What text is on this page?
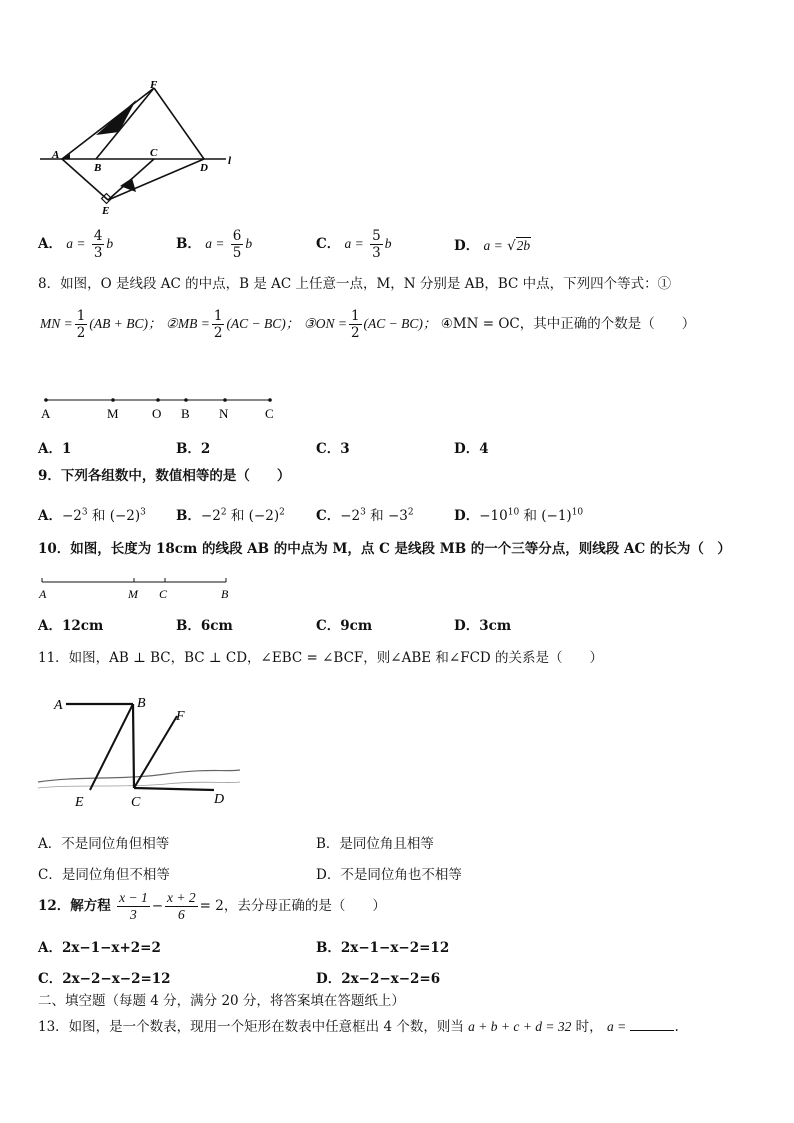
F
A
B
C
D
l
E
A． $a = \frac{4}{3}$ b	B． $a = \frac{6}{5}$ b	C． $a = \frac{5}{3}$ b	D． a = √2b
8．如图，O 是线段 AC 的中点，B 是 AC 上任意一点，M，N 分别是 AB，BC 中点，下列四个等式：①
MN = $\frac{1}{2} (AB + BC)$； ②MB = $\frac{1}{2} (AC - BC)$； ③ON = $\frac{1}{2} (AC - BC)$； ④MN = OC，其中正确的个数是（　　）
A	M	O B N	C
A．1	B．2	C．3	D．4
9．下列各组数中，数值相等的是（　　）
A．$-2^3$ 和 $(-2)^3$ B．$-2^2$ 和 $(-2)^2$ C．$-2^3$ 和 $-3^2$	D．$-10^{10}$ 和 $(-1)^{10}$
10．如图，长度为 18cm 的线段 AB 的中点为 M，点 C 是线段 MB 的一个三等分点，则线段 AC 的长为（　）
A	M C	B
A．12cm	B．6cm	C．9cm	D．3cm
11．如图，AB ⊥ BC，BC ⊥ CD，∠EBC = ∠BCF，则∠ABE 和∠FCD 的关系是（　　）
A	B
F
E	C	D
A．不是同位角但相等	B．是同位角且相等
C．是同位角但不相等	D．不是同位角也不相等
12．解方程 $\frac{x - 1}{3} - \frac{x + 2}{6} = 2$，去分母正确的是（　　）
A．2x−1−x+2=2	B．2x−1−x−2=12
C．2x−2−x−2=12	D．2x−2−x−2=6
二、填空题（每题 4 分，满分 20 分，将答案填在答题纸上）
13．如图，是一个数表，现用一个矩形在数表中任意框出 4 个数，则当 a + b + c + d = 32 时， a =	.
